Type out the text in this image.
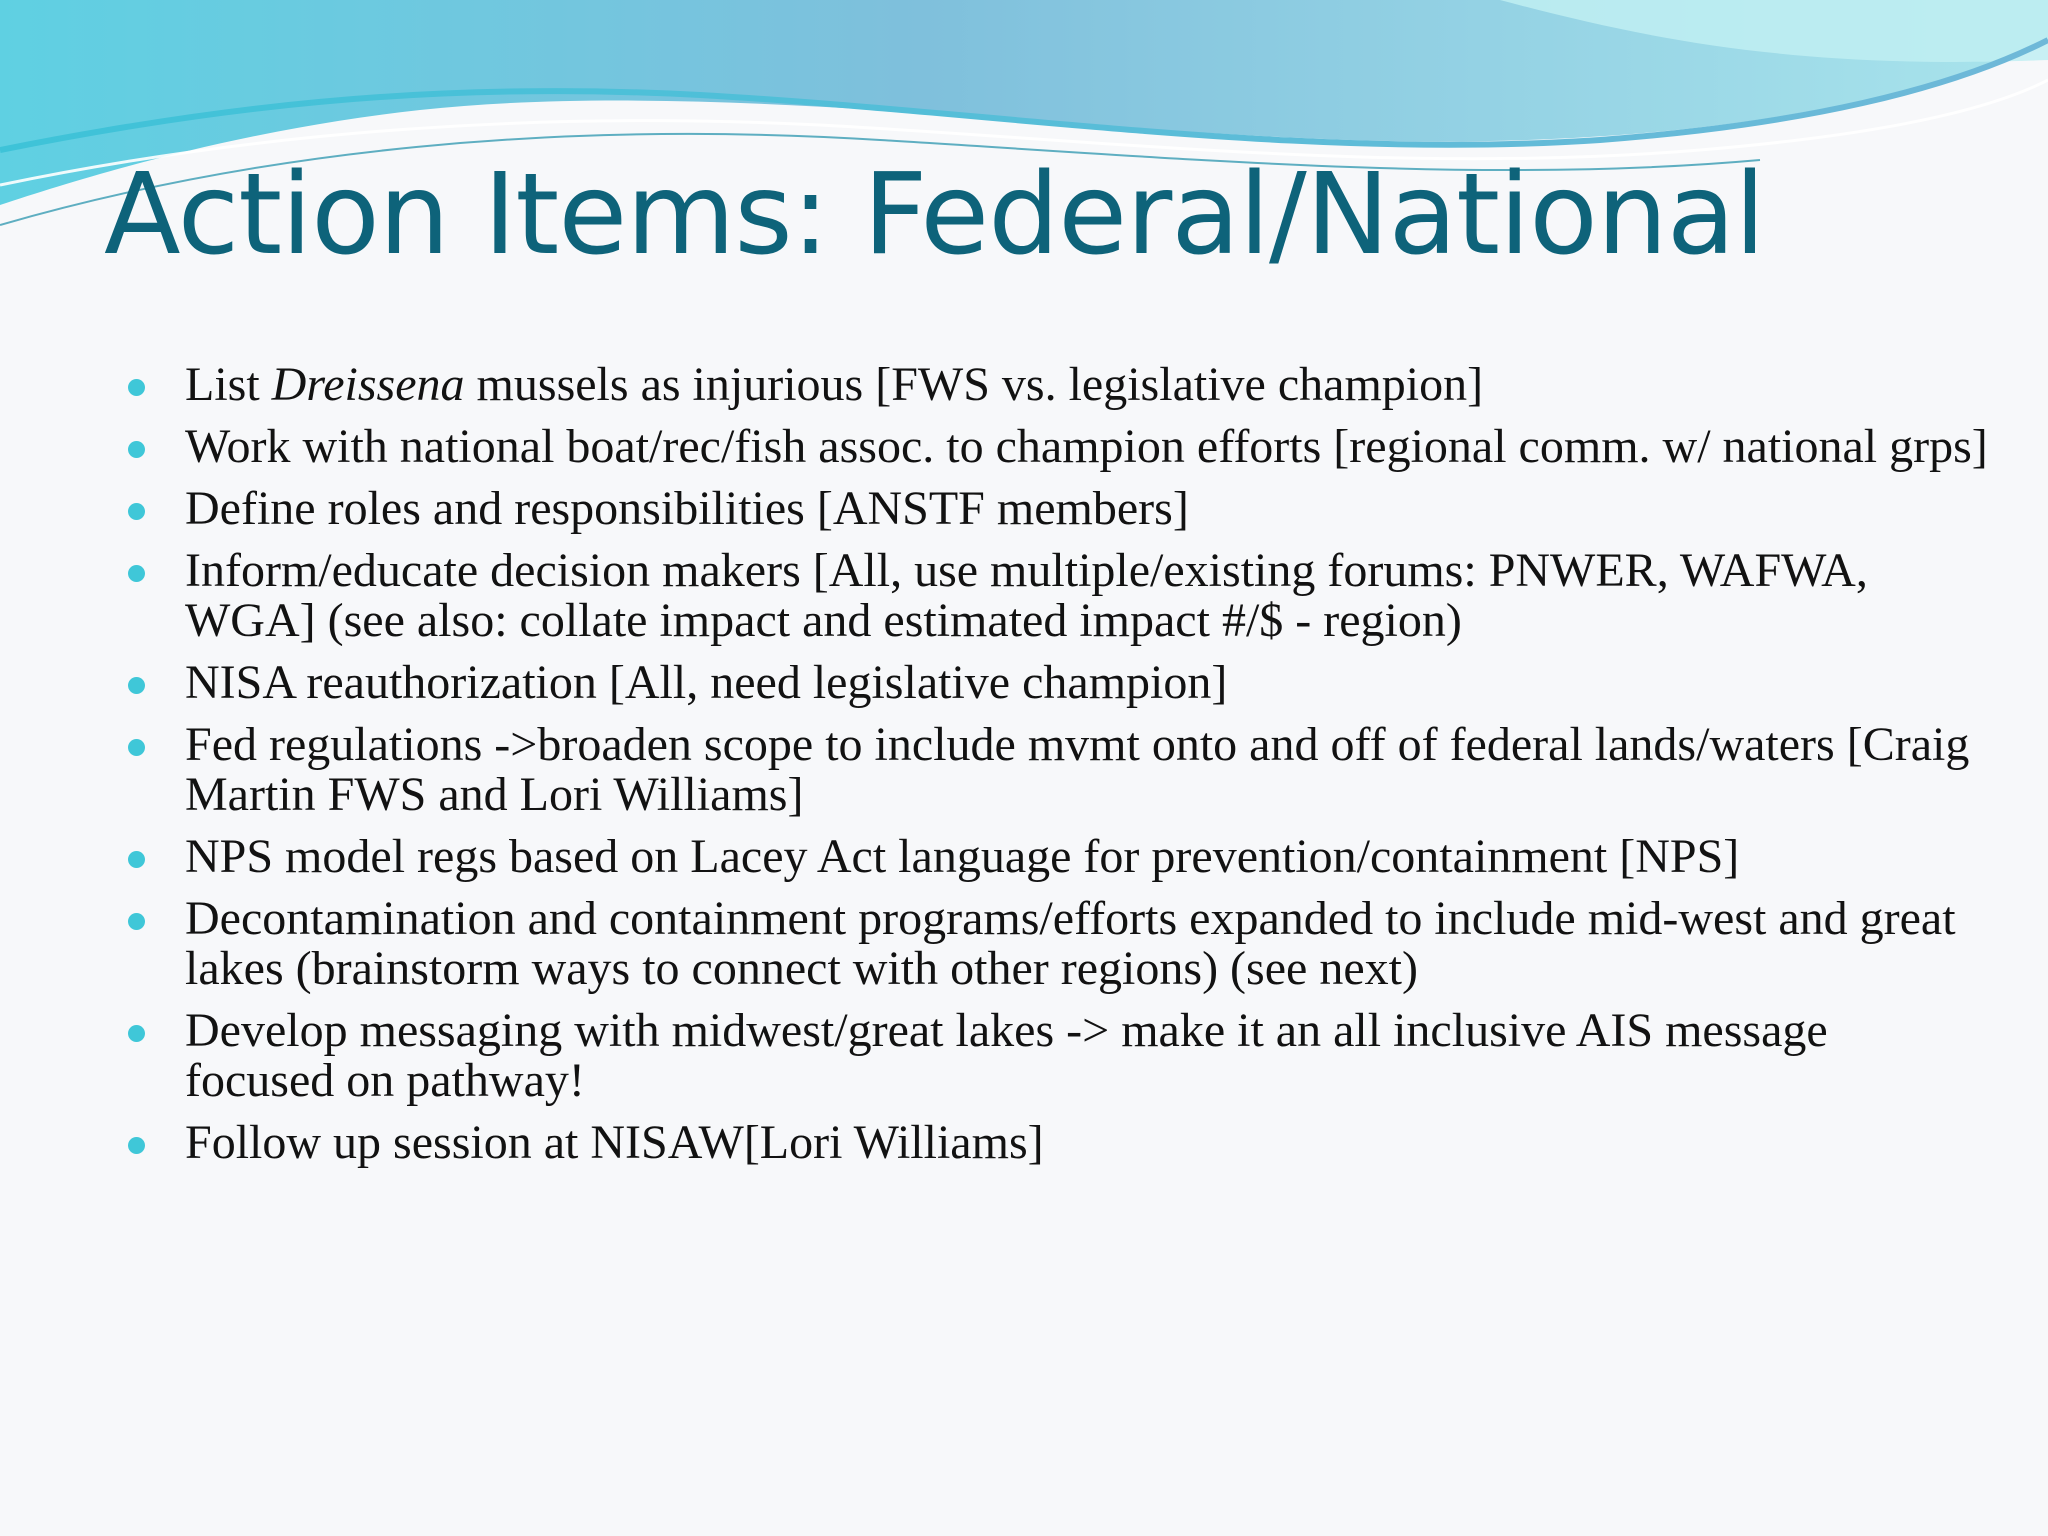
Action Items: Federal/National
List Dreissena mussels as injurious [FWS vs. legislative champion]
Work with national boat/rec/fish assoc. to champion efforts [regional comm. w/ national grps]
Define roles and responsibilities [ANSTF members]
Inform/educate decision makers [All, use multiple/existing forums: PNWER, WAFWA, WGA] (see also: collate impact and estimated impact #/$ - region)
NISA reauthorization [All, need legislative champion]
Fed regulations ->broaden scope to include mvmt onto and off of federal lands/waters [Craig Martin FWS and Lori Williams]
NPS model regs based on Lacey Act language for prevention/containment [NPS]
Decontamination and containment programs/efforts expanded to include mid-west and great lakes (brainstorm ways to connect with other regions) (see next)
Develop messaging with midwest/great lakes -> make it an all inclusive AIS message focused on pathway!
Follow up session at NISAW[Lori Williams]
